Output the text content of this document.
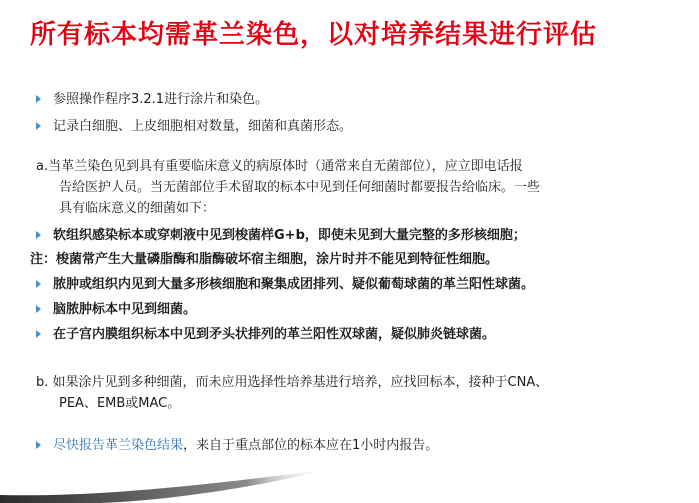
所有标本均需革兰染色，以对培养结果进行评估
参照操作程序3.2.1进行涂片和染色。
记录白细胞、上皮细胞相对数量，细菌和真菌形态。
a.当革兰染色见到具有重要临床意义的病原体时（通常来自无菌部位），应立即电话报
告给医护人员。当无菌部位手术留取的标本中见到任何细菌时都要报告给临床。一些
具有临床意义的细菌如下：
软组织感染标本或穿刺液中见到梭菌样G+b，即使未见到大量完整的多形核细胞；
注：梭菌常产生大量磷脂酶和脂酶破坏宿主细胞，涂片时并不能见到特征性细胞。
脓肿或组织内见到大量多形核细胞和聚集成团排列、疑似葡萄球菌的革兰阳性球菌。
脑脓肿标本中见到细菌。
在子宫内膜组织标本中见到矛头状排列的革兰阳性双球菌，疑似肺炎链球菌。
b. 如果涂片见到多种细菌，而未应用选择性培养基进行培养，应找回标本，接种于CNA、
PEA、EMB或MAC。
尽快报告革兰染色结果，来自于重点部位的标本应在1小时内报告。
